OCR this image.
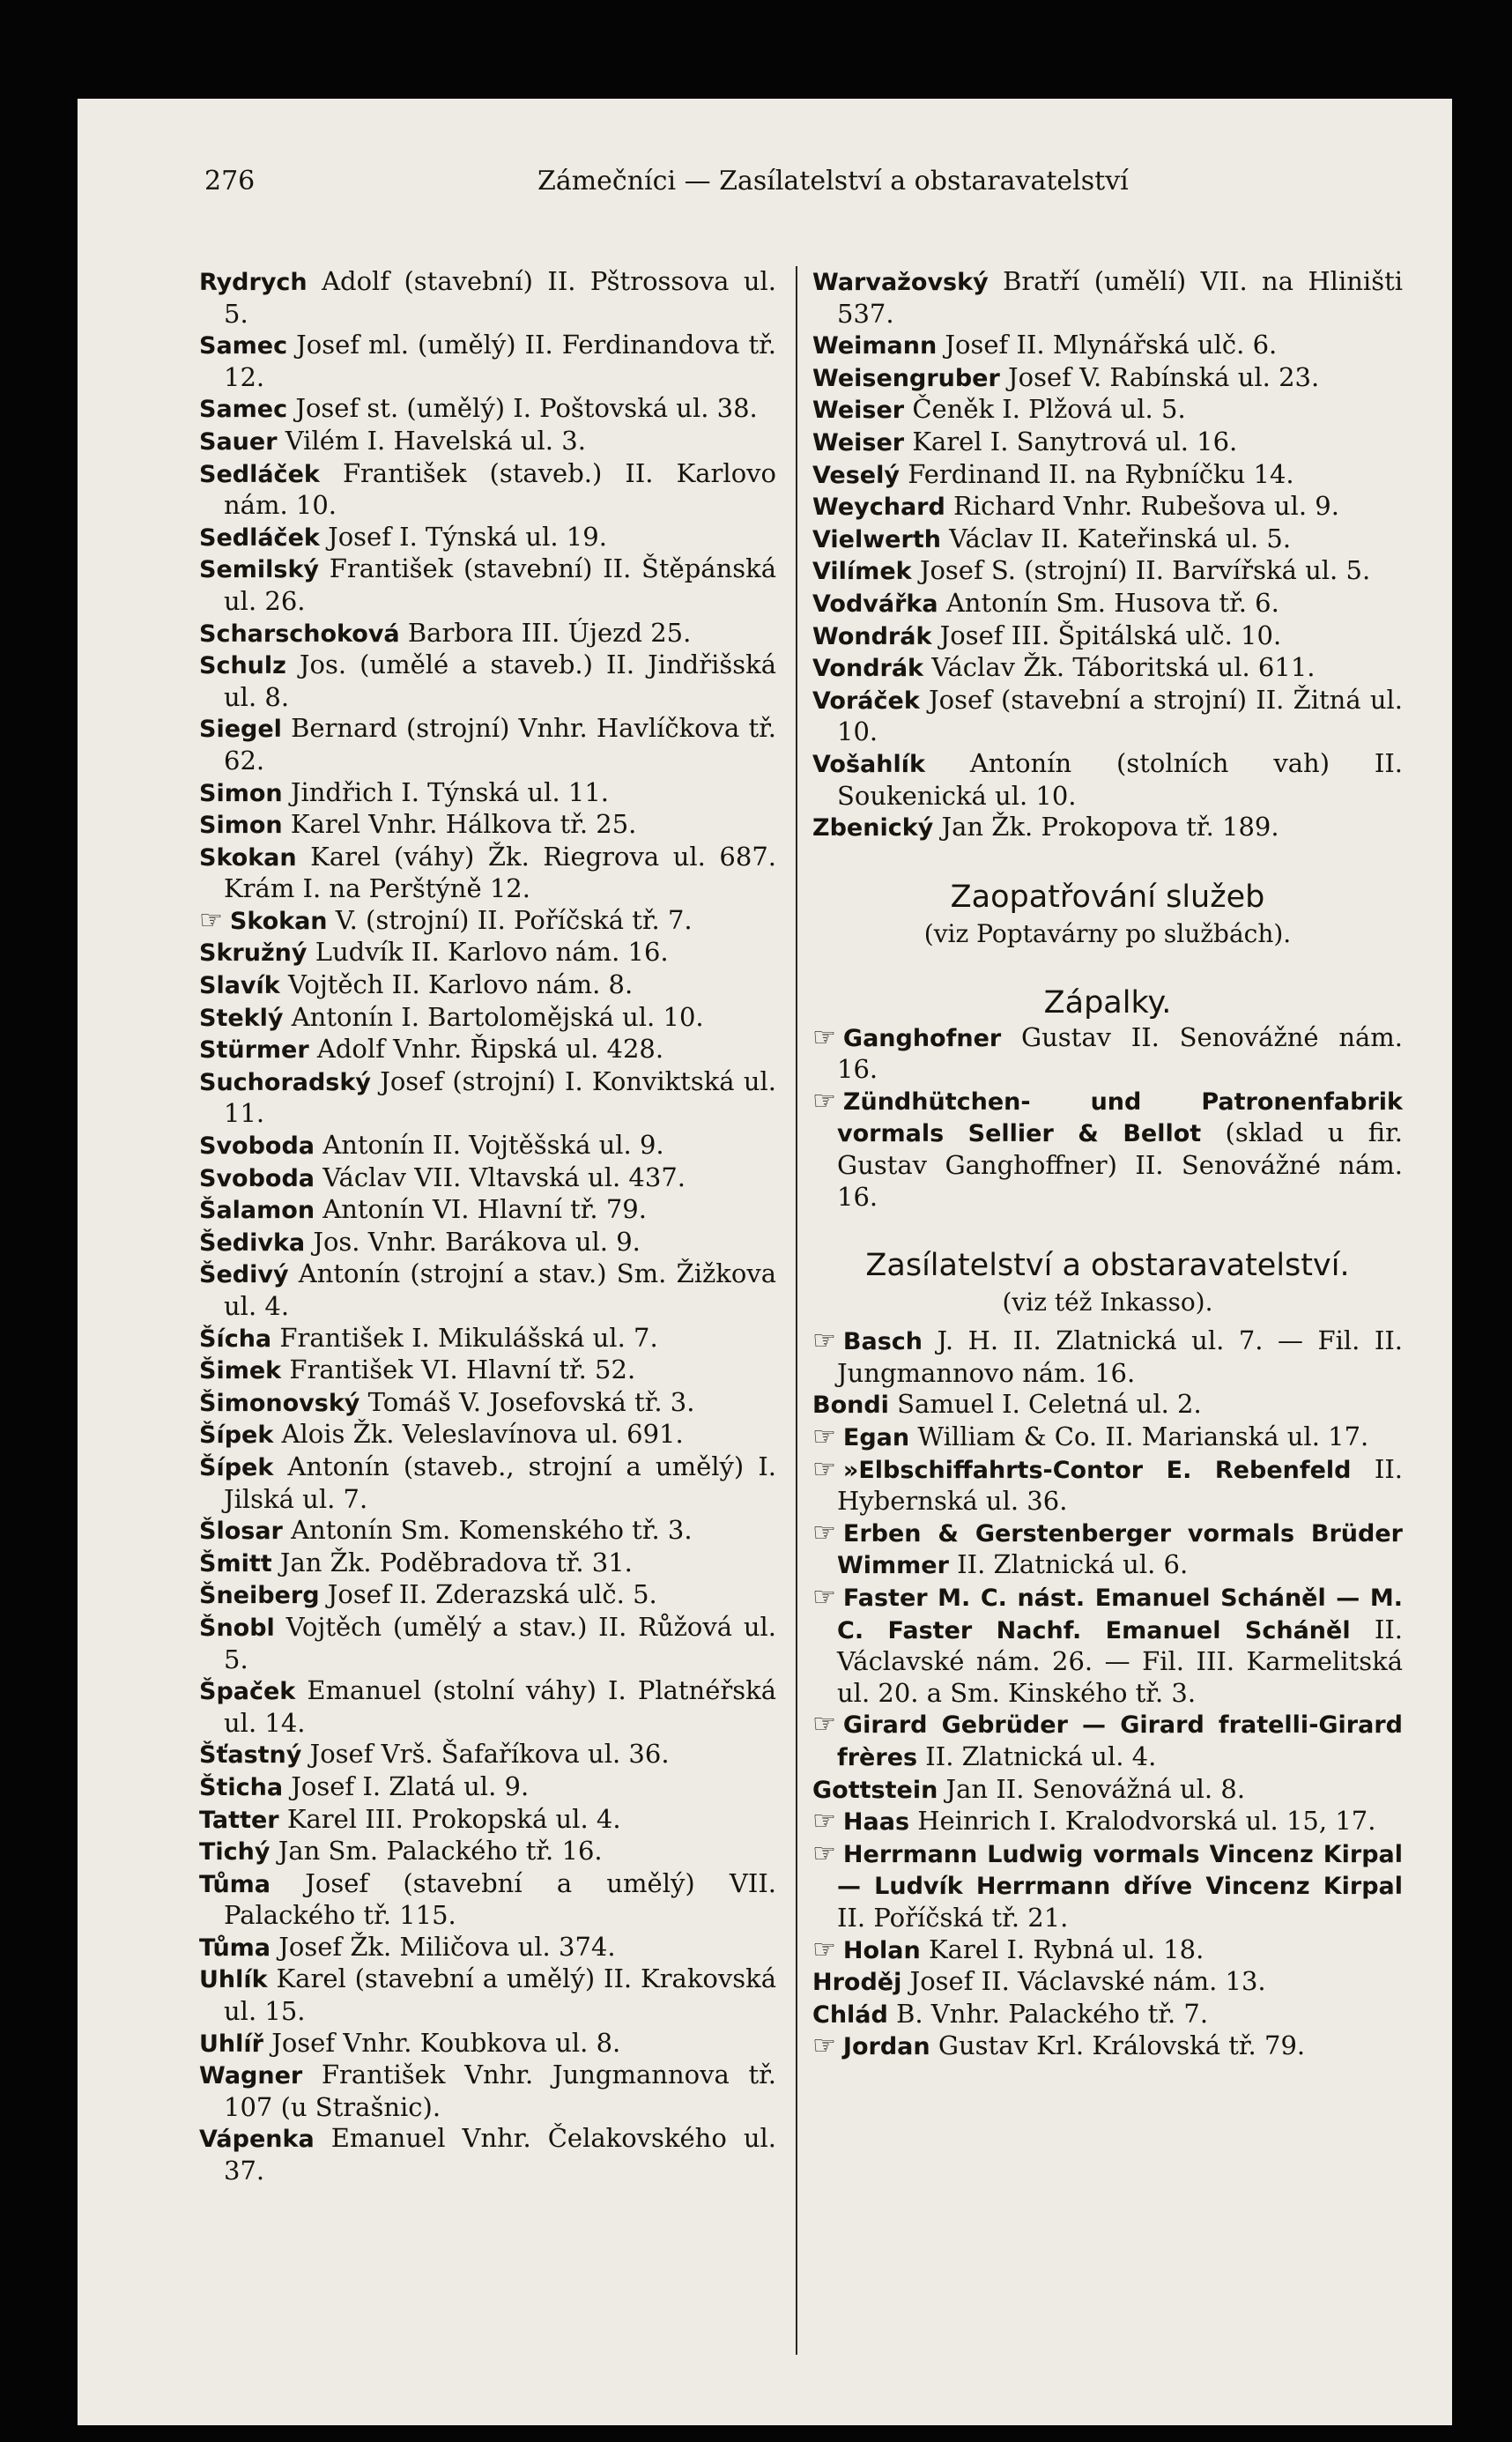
276	Zámečníci — Zasílatelství a obstaravatelství

Rydrych Adolf (stavební) II. Pštrossova ul. 5.

Samec Josef ml. (umělý) II. Ferdinandova tř. 12.

Samec Josef st. (umělý) I. Poštovská ul. 38.

Sauer Vilém I. Havelská ul. 3.

Sedláček František (staveb.) II. Karlovo nám. 10.

Sedláček Josef I. Týnská ul. 19.

Semilský František (stavební) II. Štěpánská ul. 26.

Scharschoková Barbora III. Újezd 25.

Schulz Jos. (umělé a staveb.) II. Jindřišská ul. 8.

Siegel Bernard (strojní) Vnhr. Havlíčkova tř. 62.

Simon Jindřich I. Týnská ul. 11.

Simon Karel Vnhr. Hálkova tř. 25.

Skokan Karel (váhy) Žk. Riegrova ul. 687. Krám I. na Perštýně 12.

☞ Skokan V. (strojní) II. Poříčská tř. 7.

Skružný Ludvík II. Karlovo nám. 16.

Slavík Vojtěch II. Karlovo nám. 8.

Steklý Antonín I. Bartolomějská ul. 10.

Stürmer Adolf Vnhr. Řipská ul. 428.

Suchoradský Josef (strojní) I. Konviktská ul. 11.

Svoboda Antonín II. Vojtěšská ul. 9.

Svoboda Václav VII. Vltavská ul. 437.

Šalamon Antonín VI. Hlavní tř. 79.

Šedivka Jos. Vnhr. Barákova ul. 9.

Šedivý Antonín (strojní a stav.) Sm. Žižkova ul. 4.

Šícha František I. Mikulášská ul. 7.

Šimek František VI. Hlavní tř. 52.

Šimonovský Tomáš V. Josefovská tř. 3.

Šípek Alois Žk. Veleslavínova ul. 691.

Šípek Antonín (staveb., strojní a umělý) I. Jilská ul. 7.

Šlosar Antonín Sm. Komenského tř. 3.

Šmitt Jan Žk. Poděbradova tř. 31.

Šneiberg Josef II. Zderazská ulč. 5.

Šnobl Vojtěch (umělý a stav.) II. Růžová ul. 5.

Špaček Emanuel (stolní váhy) I. Platnéřská ul. 14.

Šťastný Josef Vrš. Šafaříkova ul. 36.

Šticha Josef I. Zlatá ul. 9.

Tatter Karel III. Prokopská ul. 4.

Tichý Jan Sm. Palackého tř. 16.

Tůma Josef (stavební a umělý) VII. Palackého tř. 115.

Tůma Josef Žk. Miličova ul. 374.

Uhlík Karel (stavební a umělý) II. Krakovská ul. 15.

Uhlíř Josef Vnhr. Koubkova ul. 8.

Wagner František Vnhr. Jungmannova tř. 107 (u Strašnic).

Vápenka Emanuel Vnhr. Čelakovského ul. 37.

Warvažovský Bratří (umělí) VII. na Hliništi 537.

Weimann Josef II. Mlynářská ulč. 6.

Weisengruber Josef V. Rabínská ul. 23.

Weiser Čeněk I. Plžová ul. 5.

Weiser Karel I. Sanytrová ul. 16.

Veselý Ferdinand II. na Rybníčku 14.

Weychard Richard Vnhr. Rubešova ul. 9.

Vielwerth Václav II. Kateřinská ul. 5.

Vilímek Josef S. (strojní) II. Barvířská ul. 5.

Vodvářka Antonín Sm. Husova tř. 6.

Wondrák Josef III. Špitálská ulč. 10.

Vondrák Václav Žk. Táboritská ul. 611.

Voráček Josef (stavební a strojní) II. Žitná ul. 10.

Vošahlík Antonín (stolních vah) II. Soukenická ul. 10.

Zbenický Jan Žk. Prokopova tř. 189.

Zaopatřování služeb

(viz Poptavárny po službách).

Zápalky.

☞ Ganghofner Gustav II. Senovážné nám. 16.

☞ Zündhütchen- und Patronenfabrik vormals Sellier & Bellot (sklad u fir. Gustav Ganghoffner) II. Senovážné nám. 16.

Zasílatelství a obstaravatelství.

(viz též Inkasso).

☞ Basch J. H. II. Zlatnická ul. 7. — Fil. II. Jungmannovo nám. 16.

Bondi Samuel I. Celetná ul. 2.

☞ Egan William & Co. II. Marianská ul. 17.

☞ »Elbschiffahrts-Contor E. Rebenfeld II. Hybernská ul. 36.

☞ Erben & Gerstenberger vormals Brüder Wimmer II. Zlatnická ul. 6.

☞ Faster M. C. nást. Emanuel Scháněl — M. C. Faster Nachf. Emanuel Scháněl II. Václavské nám. 26. — Fil. III. Karmelitská ul. 20. a Sm. Kinského tř. 3.

☞ Girard Gebrüder — Girard fratelli-Girard frères II. Zlatnická ul. 4.

Gottstein Jan II. Senovážná ul. 8.

☞ Haas Heinrich I. Kralodvorská ul. 15, 17.

☞ Herrmann Ludwig vormals Vincenz Kirpal — Ludvík Herrmann dříve Vincenz Kirpal II. Poříčská tř. 21.

☞ Holan Karel I. Rybná ul. 18.

Hroděj Josef II. Václavské nám. 13.

Chlád B. Vnhr. Palackého tř. 7.

☞ Jordan Gustav Krl. Královská tř. 79.
